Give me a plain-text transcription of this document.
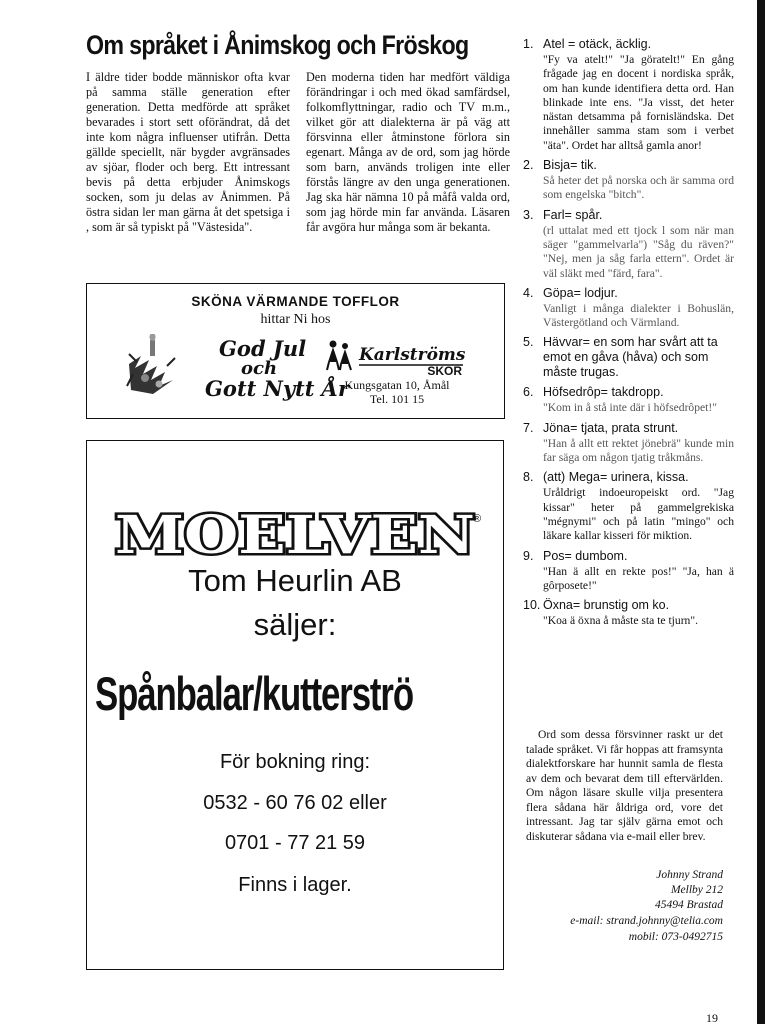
Om språket i Ånimskog och Fröskog

I äldre tider bodde människor ofta kvar på samma ställe generation efter generation. Detta medförde att språket bevarades i stort sett oförändrat, då det inte kom några influenser utifrån. Detta gällde speciellt, när bygder avgränsades av sjöar, floder och berg. Ett intressant bevis på detta erbjuder Ånimskogs socken, som ju delas av Ånimmen. På östra sidan ler man gärna åt det spetsiga i , som är så typiskt på "Västesida".

Den moderna tiden har medfört väldiga förändringar i och med ökad samfärdsel, folkomflyttningar, radio och TV m.m., vilket gör att dialekterna är på väg att försvinna eller åtminstone förlora sin egenart. Många av de ord, som jag hörde som barn, används troligen inte eller förstås längre av den unga generationen. Jag ska här nämna 10 på måfå valda ord, som jag hörde min far använda. Läsaren får avgöra hur många som är bekanta.

SKÖNA VÄRMANDE TOFFLOR
hittar Ni hos
God Jul
och
Gott Nytt År
Karlströms
SKOR
Kungsgatan 10, Åmål
Tel. 101 15
MOELVEN
®
Tom Heurlin AB
säljer:
Spånbalar/kutterströ
För bokning ring:
0532 - 60 76 02 eller
0701 - 77 21 59
Finns i lager.
1. Atel = otäck, äcklig.
"Fy va atelt!" "Ja göratelt!" En gång frågade jag en docent i nordiska språk, om han kunde identifiera detta ord. Han blinkade inte ens. "Ja visst, det heter nästan detsamma på fornisländska. Det innehåller samma stam som i verbet "äta". Ordet har alltså gamla anor!
2. Bisja= tik.
Så heter det på norska och är samma ord som engelska "bitch".
3. Farl= spår.
(rl uttalat med ett tjock l som när man säger "gammelvarla") "Såg du räven?" "Nej, men ja såg farla ettern". Ordet är väl släkt med "färd, fara".
4. Göpa= lodjur.
Vanligt i många dialekter i Bohuslän, Västergötland och Värmland.
5. Hävvar= en som har svårt att ta emot en gåva (håva) och som måste trugas.
6. Höfsedrôp= takdropp.
"Kom in å stå inte där i höfsedrôpet!"
7. Jöna= tjata, prata strunt.
"Han å allt ett rektet jönebrä" kunde min far säga om någon tjatig tråkmåns.
8. (att) Mega= urinera, kissa.
Uråldrigt indoeuropeiskt ord. "Jag kissar" heter på gammelgrekiska "mégnymi" och på latin "mingo" och läkare kallar kisseri för miktion.
9. Pos= dumbom.
"Han ä allt en rekte pos!" "Ja, han ä gôrposete!"
10. Öxna= brunstig om ko.
"Koa ä öxna å måste sta te tjurn".

Ord som dessa försvinner raskt ur det talade språket. Vi får hoppas att framsynta dialektforskare har hunnit samla de flesta av dem och bevarat dem till eftervärlden. Om någon läsare skulle vilja presentera flera sådana här åldriga ord, vore det intressant. Jag tar själv gärna emot och diskuterar sådana via e-mail eller brev.

Johnny Strand
Mellby 212
45494 Brastad
e-mail: strand.johnny@telia.com
mobil: 073-0492715
19
